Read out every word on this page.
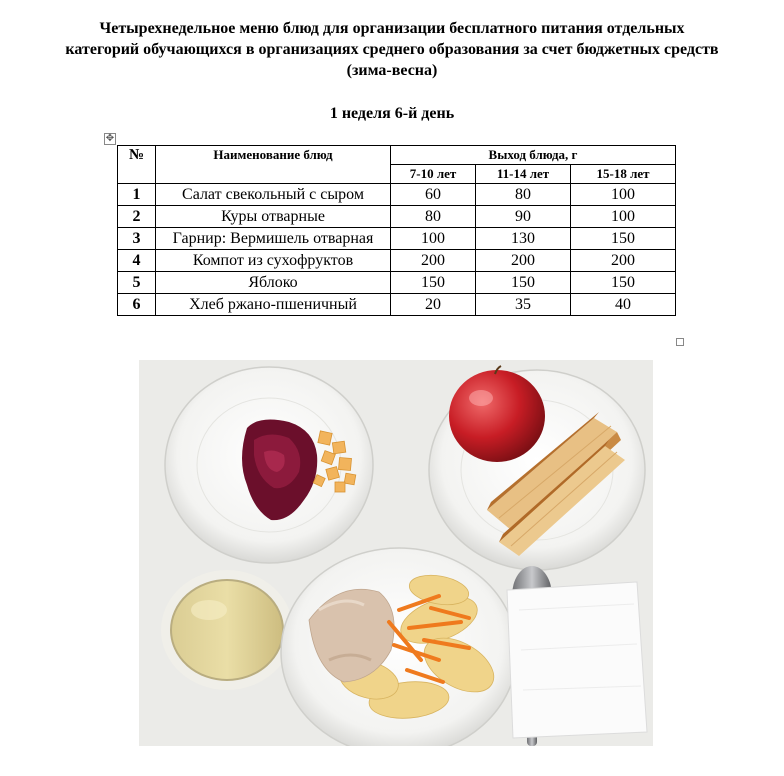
Четырехнедельное меню блюд для организации бесплатного питания отдельных
категорий обучающихся в организациях среднего образования за счет бюджетных средств
(зима-весна)
1 неделя 6-й день
✥
№	Наименование блюд	Выход блюда, г		
		7-10 лет	11-14 лет	15-18 лет
1	Салат свекольный с сыром	60	80	100
2	Куры отварные	80	90	100
3	Гарнир: Вермишель отварная	100	130	150
4	Компот из сухофруктов	200	200	200
5	Яблоко	150	150	150
6	Хлеб ржано-пшеничный	20	35	40
